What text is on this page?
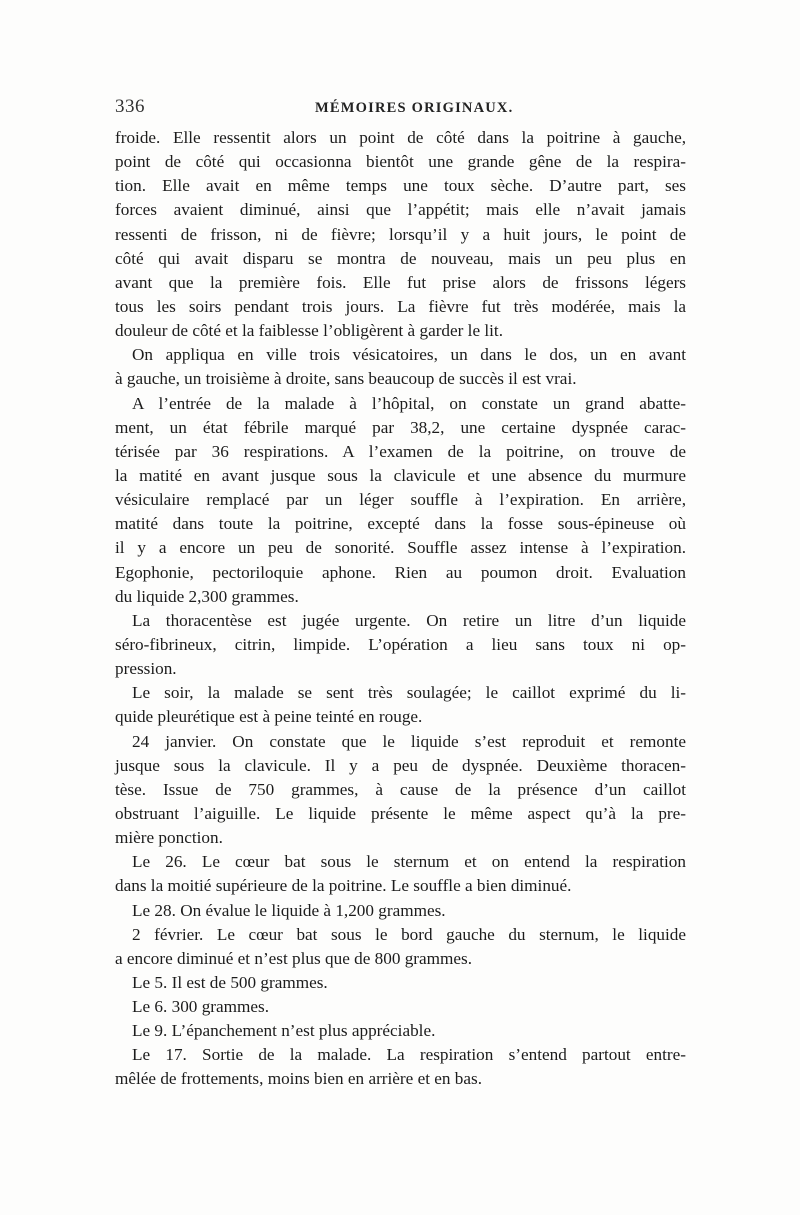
336	MÉMOIRES ORIGINAUX.
froide. Elle ressentit alors un point de côté dans la poitrine à gauche,
point de côté qui occasionna bientôt une grande gêne de la respira-
tion. Elle avait en même temps une toux sèche. D’autre part, ses
forces avaient diminué, ainsi que l’appétit; mais elle n’avait jamais
ressenti de frisson, ni de fièvre; lorsqu’il y a huit jours, le point de
côté qui avait disparu se montra de nouveau, mais un peu plus en
avant que la première fois. Elle fut prise alors de frissons légers
tous les soirs pendant trois jours. La fièvre fut très modérée, mais la
douleur de côté et la faiblesse l’obligèrent à garder le lit.
On appliqua en ville trois vésicatoires, un dans le dos, un en avant
à gauche, un troisième à droite, sans beaucoup de succès il est vrai.
A l’entrée de la malade à l’hôpital, on constate un grand abatte-
ment, un état fébrile marqué par 38,2, une certaine dyspnée carac-
térisée par 36 respirations. A l’examen de la poitrine, on trouve de
la matité en avant jusque sous la clavicule et une absence du murmure
vésiculaire remplacé par un léger souffle à l’expiration. En arrière,
matité dans toute la poitrine, excepté dans la fosse sous-épineuse où
il y a encore un peu de sonorité. Souffle assez intense à l’expiration.
Egophonie, pectoriloquie aphone. Rien au poumon droit. Evaluation
du liquide 2,300 grammes.
La thoracentèse est jugée urgente. On retire un litre d’un liquide
séro-fibrineux, citrin, limpide. L’opération a lieu sans toux ni op-
pression.
Le soir, la malade se sent très soulagée; le caillot exprimé du li-
quide pleurétique est à peine teinté en rouge.
24 janvier. On constate que le liquide s’est reproduit et remonte
jusque sous la clavicule. Il y a peu de dyspnée. Deuxième thoracen-
tèse. Issue de 750 grammes, à cause de la présence d’un caillot
obstruant l’aiguille. Le liquide présente le même aspect qu’à la pre-
mière ponction.
Le 26. Le cœur bat sous le sternum et on entend la respiration
dans la moitié supérieure de la poitrine. Le souffle a bien diminué.
Le 28. On évalue le liquide à 1,200 grammes.
2 février. Le cœur bat sous le bord gauche du sternum, le liquide
a encore diminué et n’est plus que de 800 grammes.
Le 5. Il est de 500 grammes.
Le 6. 300 grammes.
Le 9. L’épanchement n’est plus appréciable.
Le 17. Sortie de la malade. La respiration s’entend partout entre-
mêlée de frottements, moins bien en arrière et en bas.
